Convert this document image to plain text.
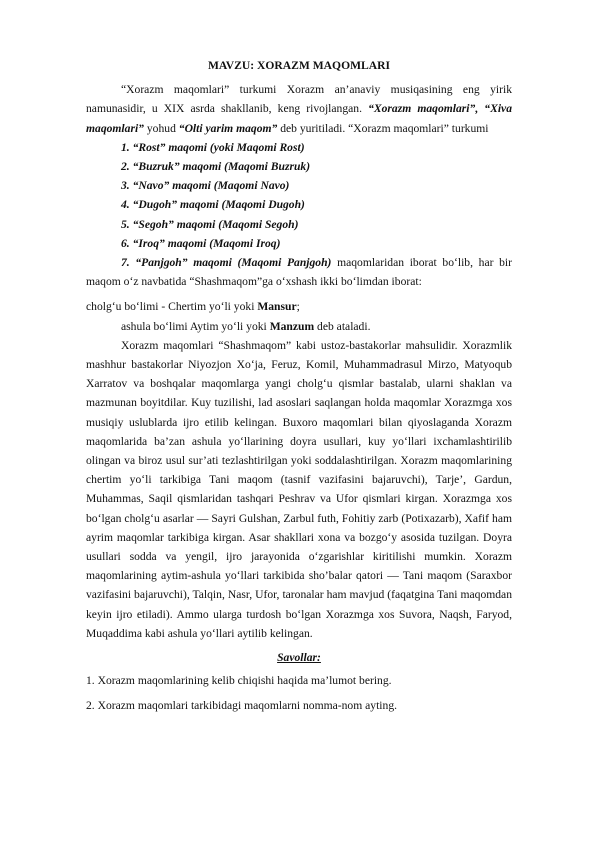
MAVZU: XORAZM MAQOMLARI

“Xorazm maqomlari” turkumi Xorazm an’anaviy musiqasining eng yirik namunasidir, u XIX asrda shakllanib, keng rivojlangan. “Xorazm maqomlari”, “Xiva maqomlari” yohud “Olti yarim maqom” deb yuritiladi. “Xorazm maqomlari” turkumi

1. “Rost” maqomi (yoki Maqomi Rost)

2. “Buzruk” maqomi (Maqomi Buzruk)

3. “Navo” maqomi (Maqomi Navo)

4. “Dugoh” maqomi (Maqomi Dugoh)

5. “Segoh” maqomi (Maqomi Segoh)

6. “Iroq” maqomi (Maqomi Iroq)

7. “Panjgoh” maqomi (Maqomi Panjgoh) maqomlaridan iborat bo‘lib, har bir maqom o‘z navbatida “Shashmaqom”ga o‘xshash ikki bo‘limdan iborat:

cholg‘u bo‘limi - Chertim yo‘li yoki Mansur;

ashula bo‘limi Aytim yo‘li yoki Manzum deb ataladi.

Xorazm maqomlari “Shashmaqom” kabi ustoz-bastakorlar mahsulidir. Xorazmlik mashhur bastakorlar Niyozjon Xo‘ja, Feruz, Komil, Muhammadrasul Mirzo, Matyoqub Xarratov va boshqalar maqomlarga yangi cholg‘u qismlar bastalab, ularni shaklan va mazmunan boyitdilar. Kuy tuzilishi, lad asoslari saqlangan holda maqomlar Xorazmga xos musiqiy uslublarda ijro etilib kelingan. Buxoro maqomlari bilan qiyoslaganda Xorazm maqomlarida ba’zan ashula yo‘llarining doyra usullari, kuy yo‘llari ixchamlashtirilib olingan va biroz usul sur’ati tezlashtirilgan yoki soddalashtirilgan. Xorazm maqomlarining chertim yo‘li tarkibiga Tani maqom (tasnif vazifasini bajaruvchi), Tarje’, Gardun, Muhammas, Saqil qismlaridan tashqari Peshrav va Ufor qismlari kirgan. Xorazmga xos bo‘lgan cholg‘u asarlar — Sayri Gulshan, Zarbul futh, Fohitiy zarb (Potixazarb), Xafif ham ayrim maqomlar tarkibiga kirgan. Asar shakllari xona va bozgo‘y asosida tuzilgan. Doyra usullari sodda va yengil, ijro jarayonida o‘zgarishlar kiritilishi mumkin. Xorazm maqomlarining aytim-ashula yo‘llari tarkibida sho’balar qatori — Tani maqom (Saraxbor vazifasini bajaruvchi), Talqin, Nasr, Ufor, taronalar ham mavjud (faqatgina Tani maqomdan keyin ijro etiladi). Ammo ularga turdosh bo‘lgan Xorazmga xos Suvora, Naqsh, Faryod, Muqaddima kabi ashula yo‘llari aytilib kelingan.

Savollar:

1. Xorazm maqomlarining kelib chiqishi haqida ma’lumot bering.

2. Xorazm maqomlari tarkibidagi maqomlarni nomma-nom ayting.
